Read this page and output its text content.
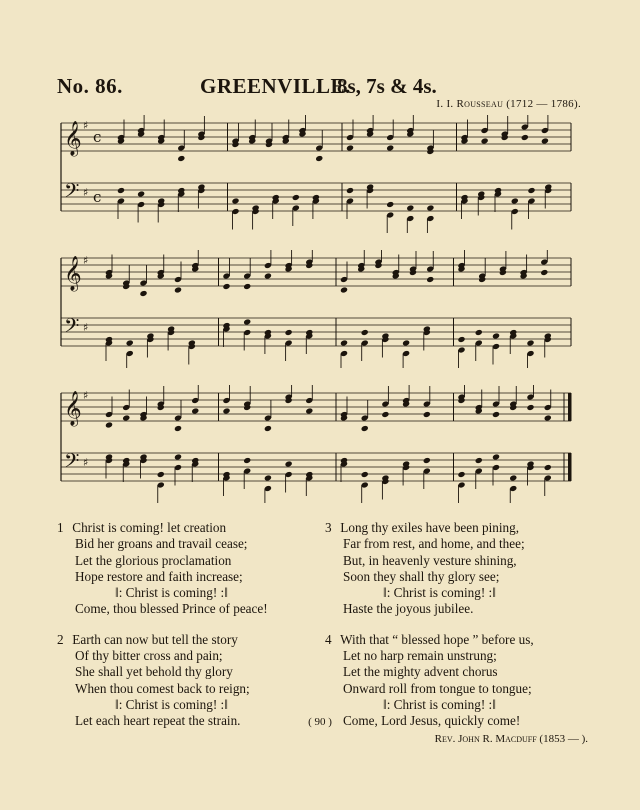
No. 86.	GREENVILLE.
8s, 7s & 4s.
I. I. Rousseau (1712 — 1786).
𝄞 ♯
c
𝄢 ♯ c
𝄞 ♯
𝄢 ♯
𝄞 ♯
𝄢 ♯
1 Christ is coming! let creation
Bid her groans and travail cease;
Let the glorious proclamation
Hope restore and faith increase;
‖: Christ is coming! :‖
Come, thou blessed Prince of peace!
2 Earth can now but tell the story
Of thy bitter cross and pain;
She shall yet behold thy glory
When thou comest back to reign;
‖: Christ is coming! :‖
Let each heart repeat the strain.
3 Long thy exiles have been pining,
Far from rest, and home, and thee;
But, in heavenly vesture shining,
Soon they shall thy glory see;
‖: Christ is coming! :‖
Haste the joyous jubilee.
4 With that “ blessed hope ” before us,
Let no harp remain unstrung;
Let the mighty advent chorus
Onward roll from tongue to tongue;
‖: Christ is coming! :‖
Come, Lord Jesus, quickly come!
Rev. John R. Macduff (1853 — ).
( 90 )
